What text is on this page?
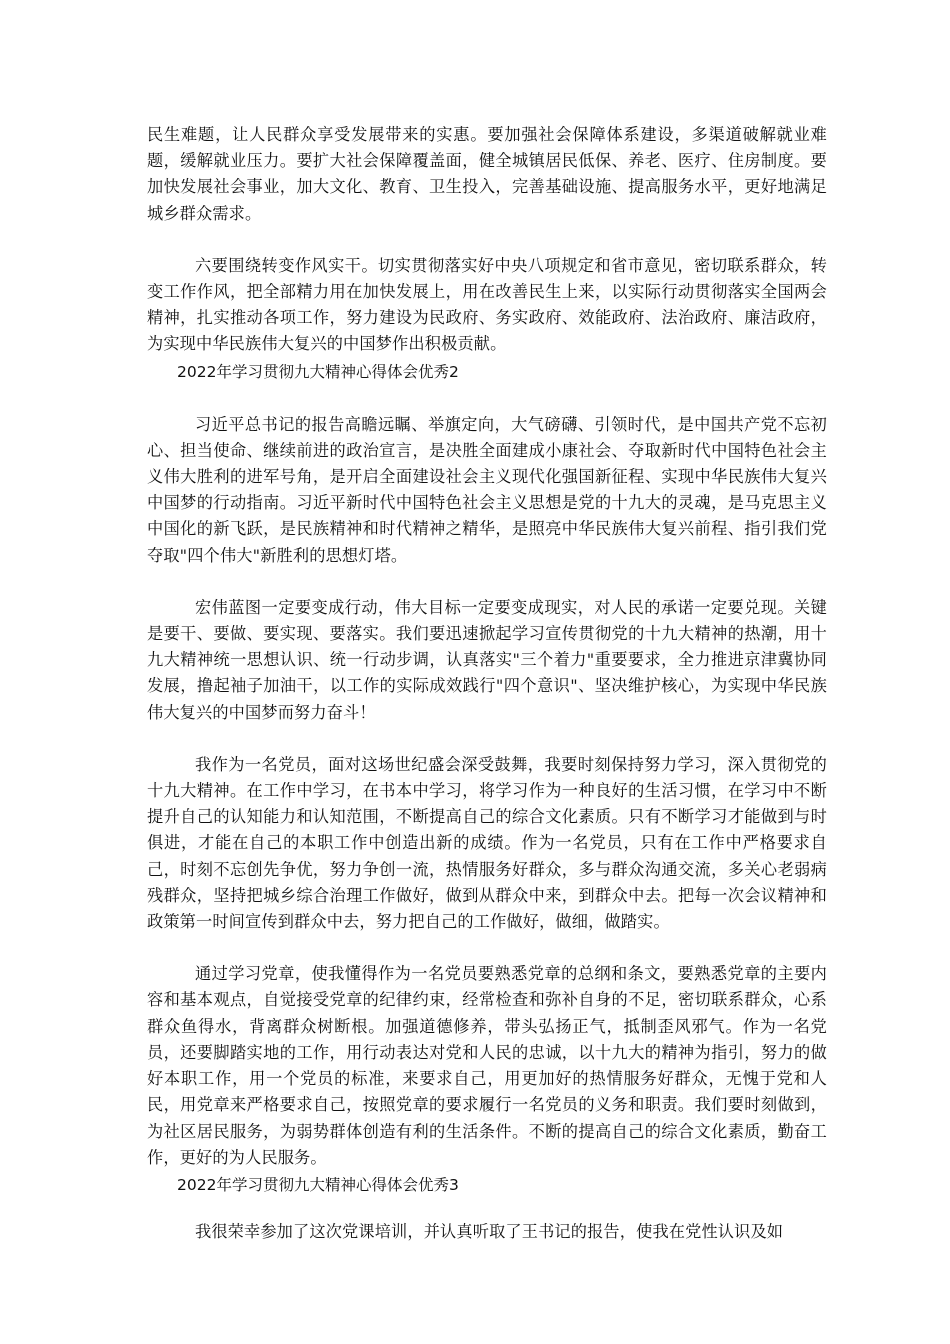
民生难题，让人民群众享受发展带来的实惠。要加强社会保障体系建设，多渠道破解就业难题，缓解就业压力。要扩大社会保障覆盖面，健全城镇居民低保、养老、医疗、住房制度。要加快发展社会事业，加大文化、教育、卫生投入，完善基础设施、提高服务水平，更好地满足城乡群众需求。

六要围绕转变作风实干。切实贯彻落实好中央八项规定和省市意见，密切联系群众，转变工作作风，把全部精力用在加快发展上，用在改善民生上来，以实际行动贯彻落实全国两会精神，扎实推动各项工作，努力建设为民政府、务实政府、效能政府、法治政府、廉洁政府，为实现中华民族伟大复兴的中国梦作出积极贡献。

2022年学习贯彻九大精神心得体会优秀2

习近平总书记的报告高瞻远瞩、举旗定向，大气磅礴、引领时代，是中国共产党不忘初心、担当使命、继续前进的政治宣言，是决胜全面建成小康社会、夺取新时代中国特色社会主义伟大胜利的进军号角，是开启全面建设社会主义现代化强国新征程、实现中华民族伟大复兴中国梦的行动指南。习近平新时代中国特色社会主义思想是党的十九大的灵魂，是马克思主义中国化的新飞跃，是民族精神和时代精神之精华，是照亮中华民族伟大复兴前程、指引我们党夺取"四个伟大"新胜利的思想灯塔。

宏伟蓝图一定要变成行动，伟大目标一定要变成现实，对人民的承诺一定要兑现。关键是要干、要做、要实现、要落实。我们要迅速掀起学习宣传贯彻党的十九大精神的热潮，用十九大精神统一思想认识、统一行动步调，认真落实"三个着力"重要要求，全力推进京津冀协同发展，撸起袖子加油干，以工作的实际成效践行"四个意识"、坚决维护核心，为实现中华民族伟大复兴的中国梦而努力奋斗！

我作为一名党员，面对这场世纪盛会深受鼓舞，我要时刻保持努力学习，深入贯彻党的十九大精神。在工作中学习，在书本中学习，将学习作为一种良好的生活习惯，在学习中不断提升自己的认知能力和认知范围，不断提高自己的综合文化素质。只有不断学习才能做到与时俱进，才能在自己的本职工作中创造出新的成绩。作为一名党员，只有在工作中严格要求自己，时刻不忘创先争优，努力争创一流，热情服务好群众，多与群众沟通交流，多关心老弱病残群众，坚持把城乡综合治理工作做好，做到从群众中来，到群众中去。把每一次会议精神和政策第一时间宣传到群众中去，努力把自己的工作做好，做细，做踏实。

通过学习党章，使我懂得作为一名党员要熟悉党章的总纲和条文，要熟悉党章的主要内容和基本观点，自觉接受党章的纪律约束，经常检查和弥补自身的不足，密切联系群众，心系群众鱼得水，背离群众树断根。加强道德修养，带头弘扬正气，抵制歪风邪气。作为一名党员，还要脚踏实地的工作，用行动表达对党和人民的忠诚，以十九大的精神为指引，努力的做好本职工作，用一个党员的标准，来要求自己，用更加好的热情服务好群众，无愧于党和人民，用党章来严格要求自己，按照党章的要求履行一名党员的义务和职责。我们要时刻做到，为社区居民服务，为弱势群体创造有利的生活条件。不断的提高自己的综合文化素质，勤奋工作，更好的为人民服务。

2022年学习贯彻九大精神心得体会优秀3

我很荣幸参加了这次党课培训，并认真听取了王书记的报告，使我在党性认识及如
